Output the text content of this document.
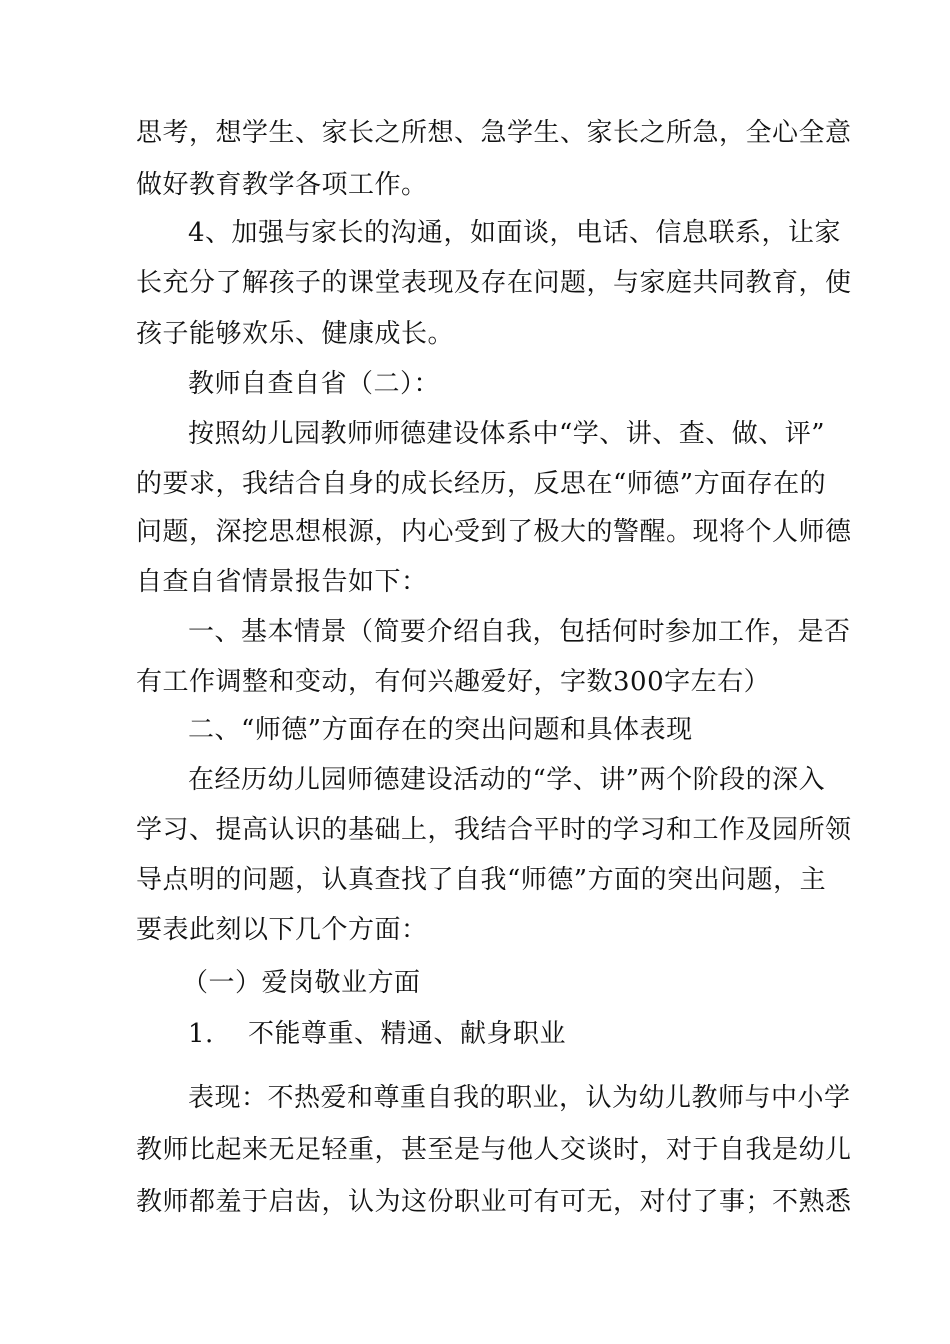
思考，想学生、家长之所想、急学生、家长之所急，全心全意
做好教育教学各项工作。
4、加强与家长的沟通，如面谈，电话、信息联系，让家
长充分了解孩子的课堂表现及存在问题，与家庭共同教育，使
孩子能够欢乐、健康成长。
教师自查自省（二）：
按照幼儿园教师师德建设体系中“学、讲、查、做、评”
的要求，我结合自身的成长经历，反思在“师德”方面存在的
问题，深挖思想根源，内心受到了极大的警醒。现将个人师德
自查自省情景报告如下：
一、基本情景（简要介绍自我，包括何时参加工作，是否
有工作调整和变动，有何兴趣爱好，字数300字左右）
二、“师德”方面存在的突出问题和具体表现
在经历幼儿园师德建设活动的“学、讲”两个阶段的深入
学习、提高认识的基础上，我结合平时的学习和工作及园所领
导点明的问题，认真查找了自我“师德”方面的突出问题，主
要表此刻以下几个方面：
（一）爱岗敬业方面
1. 不能尊重、精通、献身职业
表现：不热爱和尊重自我的职业，认为幼儿教师与中小学
教师比起来无足轻重，甚至是与他人交谈时，对于自我是幼儿
教师都羞于启齿，认为这份职业可有可无，对付了事；不熟悉
